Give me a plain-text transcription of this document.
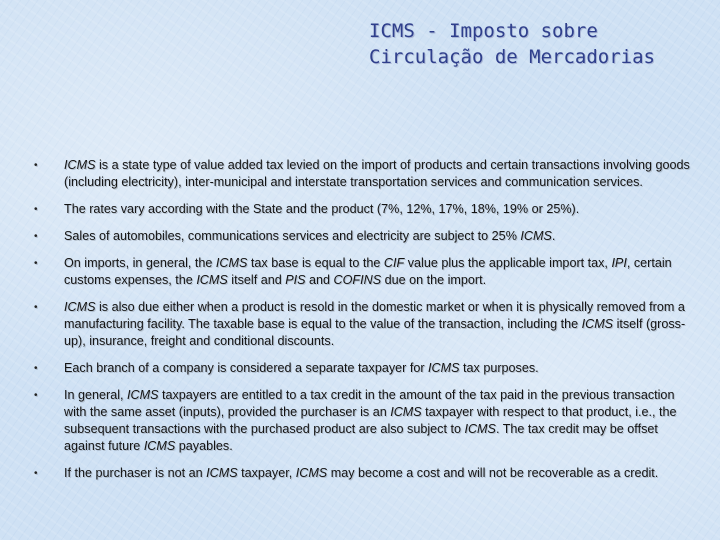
ICMS - Imposto sobre
Circulação de Mercadorias
• ICMS is a state type of value added tax levied on the import of products and certain transactions involving goods (including electricity), inter-municipal and interstate transportation services and communication services.
• The rates vary according with the State and the product (7%, 12%, 17%, 18%, 19% or 25%).
• Sales of automobiles, communications services and electricity are subject to 25% ICMS.
• On imports, in general, the ICMS tax base is equal to the CIF value plus the applicable import tax, IPI, certain customs expenses, the ICMS itself and PIS and COFINS due on the import.
• ICMS is also due either when a product is resold in the domestic market or when it is physically removed from a manufacturing facility. The taxable base is equal to the value of the transaction, including the ICMS itself (gross-up), insurance, freight and conditional discounts.
• Each branch of a company is considered a separate taxpayer for ICMS tax purposes.
• In general, ICMS taxpayers are entitled to a tax credit in the amount of the tax paid in the previous transaction with the same asset (inputs), provided the purchaser is an ICMS taxpayer with respect to that product, i.e., the subsequent transactions with the purchased product are also subject to ICMS. The tax credit may be offset against future ICMS payables.
• If the purchaser is not an ICMS taxpayer, ICMS may become a cost and will not be recoverable as a credit.
